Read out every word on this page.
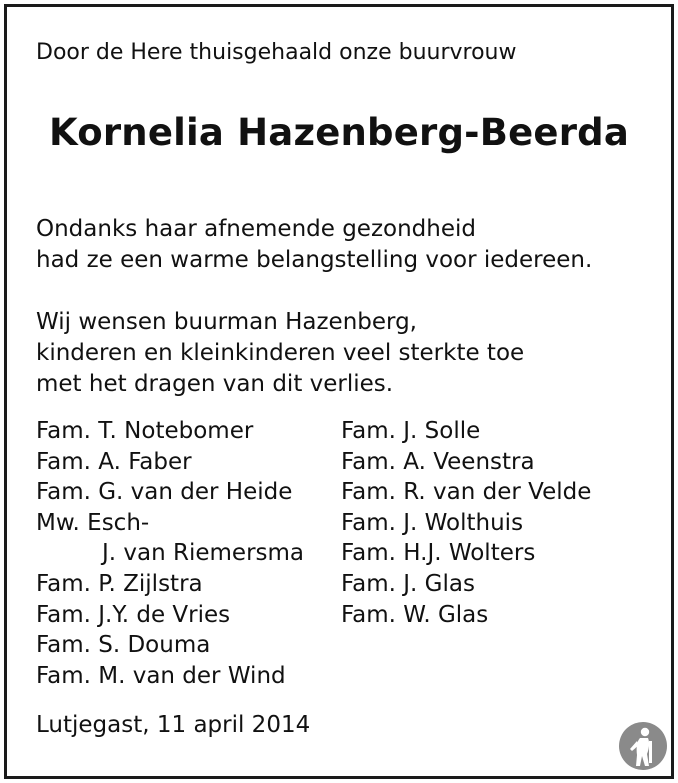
Door de Here thuisgehaald onze buurvrouw
Kornelia Hazenberg-Beerda
Ondanks haar afnemende gezondheid
had ze een warme belangstelling voor iedereen.
Wij wensen buurman Hazenberg,
kinderen en kleinkinderen veel sterkte toe
met het dragen van dit verlies.
Fam. T. Notebomer
Fam. A. Faber
Fam. G. van der Heide
Mw. Esch-
J. van Riemersma
Fam. P. Zijlstra
Fam. J.Y. de Vries
Fam. S. Douma
Fam. M. van der Wind
Fam. J. Solle
Fam. A. Veenstra
Fam. R. van der Velde
Fam. J. Wolthuis
Fam. H.J. Wolters
Fam. J. Glas
Fam. W. Glas
Lutjegast, 11 april 2014
